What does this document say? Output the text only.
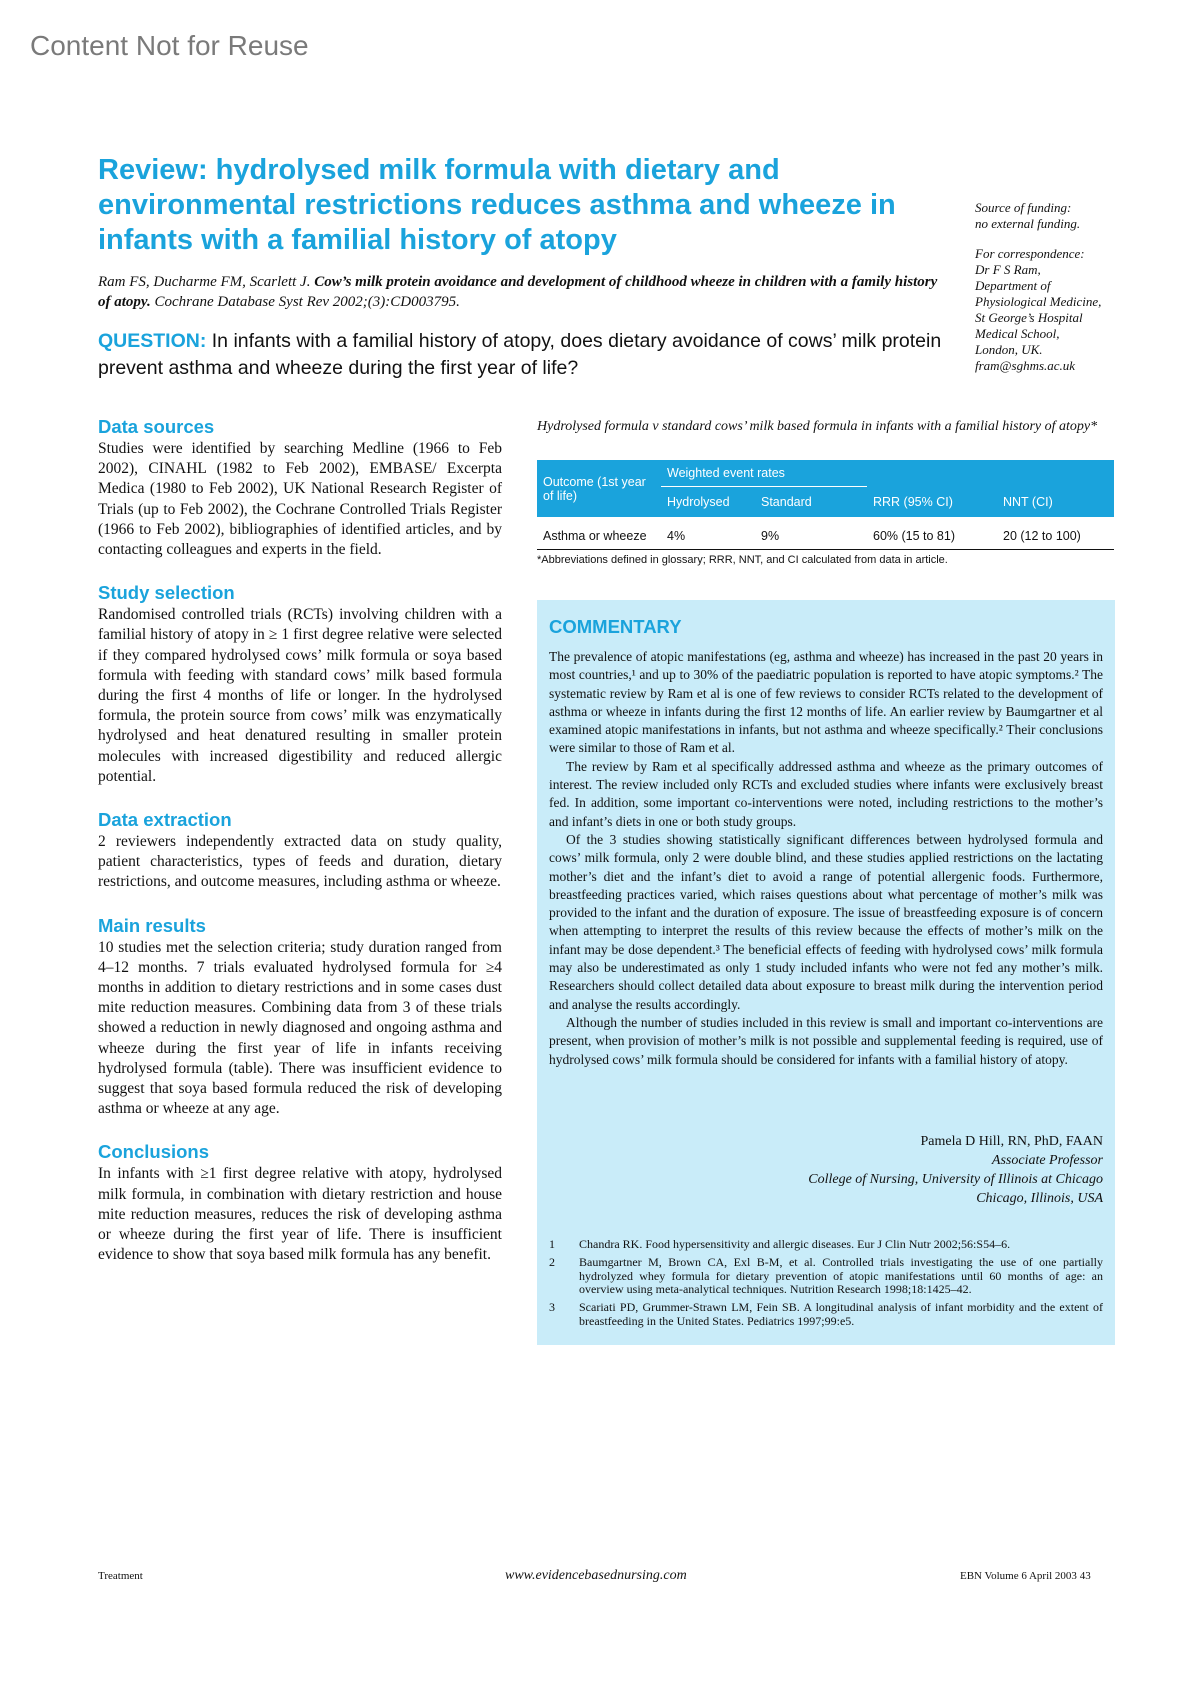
Content Not for Reuse
Review: hydrolysed milk formula with dietary and environmental restrictions reduces asthma and wheeze in infants with a familial history of atopy
Ram FS, Ducharme FM, Scarlett J. Cow’s milk protein avoidance and development of childhood wheeze in children with a family history of atopy. Cochrane Database Syst Rev 2002;(3):CD003795.
QUESTION: In infants with a familial history of atopy, does dietary avoidance of cows’ milk protein prevent asthma and wheeze during the first year of life?

Source of funding:
no external funding.

For correspondence:
Dr F S Ram,
Department of
Physiological Medicine,
St George’s Hospital
Medical School,
London, UK.
fram@sghms.ac.uk

Data sources

Studies were identified by searching Medline (1966 to Feb 2002), CINAHL (1982 to Feb 2002), EMBASE/ Excerpta Medica (1980 to Feb 2002), UK National Research Register of Trials (up to Feb 2002), the Cochrane Controlled Trials Register (1966 to Feb 2002), bibliographies of identified articles, and by contacting colleagues and experts in the field.

Study selection

Randomised controlled trials (RCTs) involving children with a familial history of atopy in ≥ 1 first degree relative were selected if they compared hydrolysed cows’ milk formula or soya based formula with feeding with standard cows’ milk based formula during the first 4 months of life or longer. In the hydrolysed formula, the protein source from cows’ milk was enzymatically hydrolysed and heat denatured resulting in smaller protein molecules with increased digestibility and reduced allergic potential.

Data extraction

2 reviewers independently extracted data on study quality, patient characteristics, types of feeds and duration, dietary restrictions, and outcome measures, including asthma or wheeze.

Main results

10 studies met the selection criteria; study duration ranged from 4–12 months. 7 trials evaluated hydrolysed formula for ≥4 months in addition to dietary restrictions and in some cases dust mite reduction measures. Combining data from 3 of these trials showed a reduction in newly diagnosed and ongoing asthma and wheeze during the first year of life in infants receiving hydrolysed formula (table). There was insufficient evidence to suggest that soya based formula reduced the risk of developing asthma or wheeze at any age.

Conclusions

In infants with ≥1 first degree relative with atopy, hydrolysed milk formula, in combination with dietary restriction and house mite reduction measures, reduces the risk of developing asthma or wheeze during the first year of life. There is insufficient evidence to show that soya based milk formula has any benefit.

Hydrolysed formula v standard cows’ milk based formula in infants with a familial history of atopy*
Outcome (1st year of life)	Weighted event rates			
	Hydrolysed	Standard	RRR (95% CI)	NNT (CI)
Asthma or wheeze	4%	9%	60% (15 to 81)	20 (12 to 100)
*Abbreviations defined in glossary; RRR, NNT, and CI calculated from data in article.
COMMENTARY

The prevalence of atopic manifestations (eg, asthma and wheeze) has increased in the past 20 years in most countries,¹ and up to 30% of the paediatric population is reported to have atopic symptoms.² The systematic review by Ram et al is one of few reviews to consider RCTs related to the development of asthma or wheeze in infants during the first 12 months of life. An earlier review by Baumgartner et al examined atopic manifestations in infants, but not asthma and wheeze specifically.² Their conclusions were similar to those of Ram et al.

The review by Ram et al specifically addressed asthma and wheeze as the primary outcomes of interest. The review included only RCTs and excluded studies where infants were exclusively breast fed. In addition, some important co-interventions were noted, including restrictions to the mother’s and infant’s diets in one or both study groups.

Of the 3 studies showing statistically significant differences between hydrolysed formula and cows’ milk formula, only 2 were double blind, and these studies applied restrictions on the lactating mother’s diet and the infant’s diet to avoid a range of potential allergenic foods. Furthermore, breastfeeding practices varied, which raises questions about what percentage of mother’s milk was provided to the infant and the duration of exposure. The issue of breastfeeding exposure is of concern when attempting to interpret the results of this review because the effects of mother’s milk on the infant may be dose dependent.³ The beneficial effects of feeding with hydrolysed cows’ milk formula may also be underestimated as only 1 study included infants who were not fed any mother’s milk. Researchers should collect detailed data about exposure to breast milk during the intervention period and analyse the results accordingly.

Although the number of studies included in this review is small and important co-interventions are present, when provision of mother’s milk is not possible and supplemental feeding is required, use of hydrolysed cows’ milk formula should be considered for infants with a familial history of atopy.

Pamela D Hill, RN, PhD, FAAN
Associate Professor
College of Nursing, University of Illinois at Chicago
Chicago, Illinois, USA
1	Chandra RK. Food hypersensitivity and allergic diseases. Eur J Clin Nutr 2002;56:S54–6.
2	Baumgartner M, Brown CA, Exl B-M, et al. Controlled trials investigating the use of one partially hydrolyzed whey formula for dietary prevention of atopic manifestations until 60 months of age: an overview using meta-analytical techniques. Nutrition Research 1998;18:1425–42.
3	Scariati PD, Grummer-Strawn LM, Fein SB. A longitudinal analysis of infant morbidity and the extent of breastfeeding in the United States. Pediatrics 1997;99:e5.
Treatment	www.evidencebasednursing.com	EBN Volume 6 April 2003 43
